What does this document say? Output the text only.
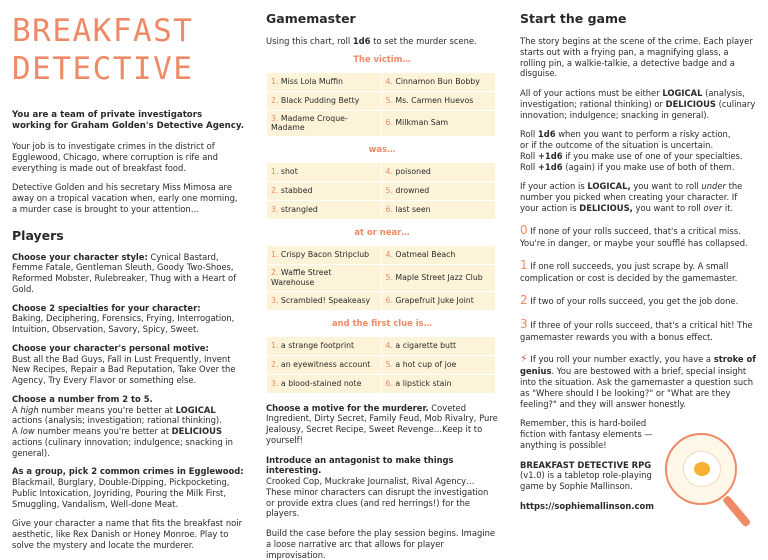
BREAKFAST
DETECTIVE
You are a team of private investigators working for Graham Golden's Detective Agency.

Your job is to investigate crimes in the district of Egglewood, Chicago, where corruption is rife and everything is made out of breakfast food.

Detective Golden and his secretary Miss Mimosa are away on a tropical vacation when, early one morning, a murder case is brought to your attention…

Players
Choose your character style: Cynical Bastard, Femme Fatale, Gentleman Sleuth, Goody Two-Shoes, Reformed Mobster, Rulebreaker, Thug with a Heart of Gold.
Choose 2 specialties for your character:
Baking, Deciphering, Forensics, Frying, Interrogation, Intuition, Observation, Savory, Spicy, Sweet.
Choose your character's personal motive:
Bust all the Bad Guys, Fall in Lust Frequently, Invent New Recipes, Repair a Bad Reputation, Take Over the Agency, Try Every Flavor or something else.
Choose a number from 2 to 5.
A high number means you're better at LOGICAL actions (analysis; investigation; rational thinking).
A low number means you're better at DELICIOUS actions (culinary innovation; indulgence; snacking in general).
As a group, pick 2 common crimes in Egglewood:
Blackmail, Burglary, Double-Dipping, Pickpocketing, Public Intoxication, Joyriding, Pouring the Milk First, Smuggling, Vandalism, Well-done Meat.

Give your character a name that fits the breakfast noir aesthetic, like Rex Danish or Honey Monroe. Play to solve the mystery and locate the murderer.

Gamemaster

Using this chart, roll 1d6 to set the murder scene.

The victim…
1. Miss Lola Muffin	4. Cinnamon Bun Bobby
2. Black Pudding Betty	5. Ms. Carmen Huevos
3. Madame Croque-Madame	6. Milkman Sam
was…
1. shot	4. poisoned
2. stabbed	5. drowned
3. strangled	6. last seen
at or near…
1. Crispy Bacon Stripclub	4. Oatmeal Beach
2. Waffle Street Warehouse	5. Maple Street Jazz Club
3. Scrambled! Speakeasy	6. Grapefruit Juke Joint
and the first clue is…
1. a strange footprint	4. a cigarette butt
2. an eyewitness account	5. a hot cup of joe
3. a blood-stained note	6. a lipstick stain

Choose a motive for the murderer. Coveted Ingredient, Dirty Secret, Family Feud, Mob Rivalry, Pure Jealousy, Secret Recipe, Sweet Revenge…Keep it to yourself!

Introduce an antagonist to make things interesting.
Crooked Cop, Muckrake Journalist, Rival Agency… These minor characters can disrupt the investigation or provide extra clues (and red herrings!) for the players.

Build the case before the play session begins. Imagine a loose narrative arc that allows for player improvisation.

Start the game

The story begins at the scene of the crime. Each player starts out with a frying pan, a magnifying glass, a rolling pin, a walkie-talkie, a detective badge and a disguise.

All of your actions must be either LOGICAL (analysis, investigation; rational thinking) or DELICIOUS (culinary innovation; indulgence; snacking in general).

Roll 1d6 when you want to perform a risky action,
or if the outcome of the situation is uncertain.
Roll +1d6 if you make use of one of your specialties.
Roll +1d6 (again) if you make use of both of them.

If your action is LOGICAL, you want to roll under the number you picked when creating your character. If your action is DELICIOUS, you want to roll over it.

0 If none of your rolls succeed, that's a critical miss. You're in danger, or maybe your soufflé has collapsed.

1 If one roll succeeds, you just scrape by. A small complication or cost is decided by the gamemaster.

2 If two of your rolls succeed, you get the job done.

3 If three of your rolls succeed, that's a critical hit! The gamemaster rewards you with a bonus effect.

⚡ If you roll your number exactly, you have a stroke of genius. You are bestowed with a brief, special insight into the situation. Ask the gamemaster a question such as "Where should I be looking?" or "What are they feeling?" and they will answer honestly.

Remember, this is hard-boiled fiction with fantasy elements — anything is possible!

BREAKFAST DETECTIVE RPG (v1.0) is a tabletop role-playing game by Sophie Mallinson.

https://sophiemallinson.com
